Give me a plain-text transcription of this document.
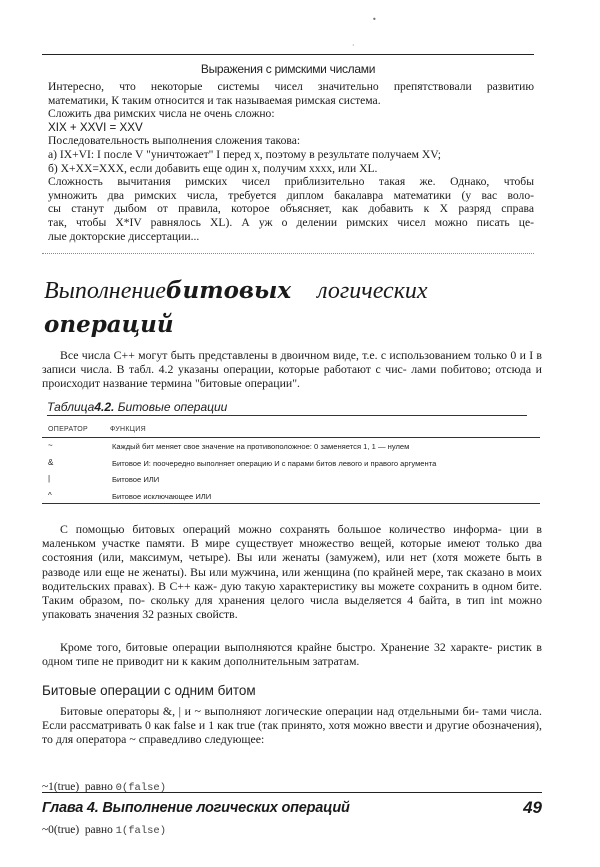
•
·
Выражения с римскими числами

Интересно, что некоторые системы чисел значительно препятствовали развитию

математики, К таким относится и так называемая римская система.

Сложить два римских числа не очень сложно:

XIX + XXVI = XXV

Последовательность выполнения сложения такова:

а) IX+VI: I после V "уничтожает" I перед x, поэтому в результате получаем XV;

б) X+XX=XXX, если добавить еще один x, получим xxxx, или XL.

Сложность вычитания римских чисел приблизительно такая же. Однако, чтобы

умножить два римских числа, требуется диплом бакалавра математики (у вас воло-

сы станут дыбом от правила, которое объясняет, как добавить к X разряд справа

так, чтобы X*IV равнялось XL). А уж о делении римских чисел можно писать це-

лые докторские диссертации...

Выполнениебитовых логических
операций

Все числа C++ могут быть представлены в двоичном виде, т.е. с использованием только 0 и I в записи числа. В табл. 4.2 указаны операции, которые работают с чис- лами побитово; отсюда и происходит название термина "битовые операции".

Таблица4.2. Битовые операции
ОПЕРАТОР	ФУНКЦИЯ
~	Каждый бит меняет свое значение на противоположное: 0 заменяется 1, 1 — нулем
&	Битовое И: поочередно выполняет операцию И с парами битов левого и правого аргумента
|	Битовое ИЛИ
^	Битовое исключающее ИЛИ

С помощью битовых операций можно сохранять большое количество информа- ции в маленьком участке памяти. В мире существует множество вещей, которые имеют только два состояния (или, максимум, четыре). Вы или женаты (замужем), или нет (хотя можете быть в разводе или еще не женаты). Вы или мужчина, или женщина (по крайней мере, так сказано в моих водительских правах). В C++ каж- дую такую характеристику вы можете сохранить в одном бите. Таким образом, по- скольку для хранения целого числа выделяется 4 байта, в тип int можно упаковать значения 32 разных свойств.

Кроме того, битовые операции выполняются крайне быстро. Хранение 32 характе- ристик в одном типе не приводит ни к каким дополнительным затратам.

Битовые операции с одним битом

Битовые операторы &, | и ~ выполняют логические операции над отдельными би- тами числа. Если рассматривать 0 как false и 1 как true (так принято, хотя можно ввести и другие обозначения), то для оператора ~ справедливо следующее:

~1(true)  равно 0(false)

~0(true)  равно 1(false)

Глава 4. Выполнение логических операций	49
